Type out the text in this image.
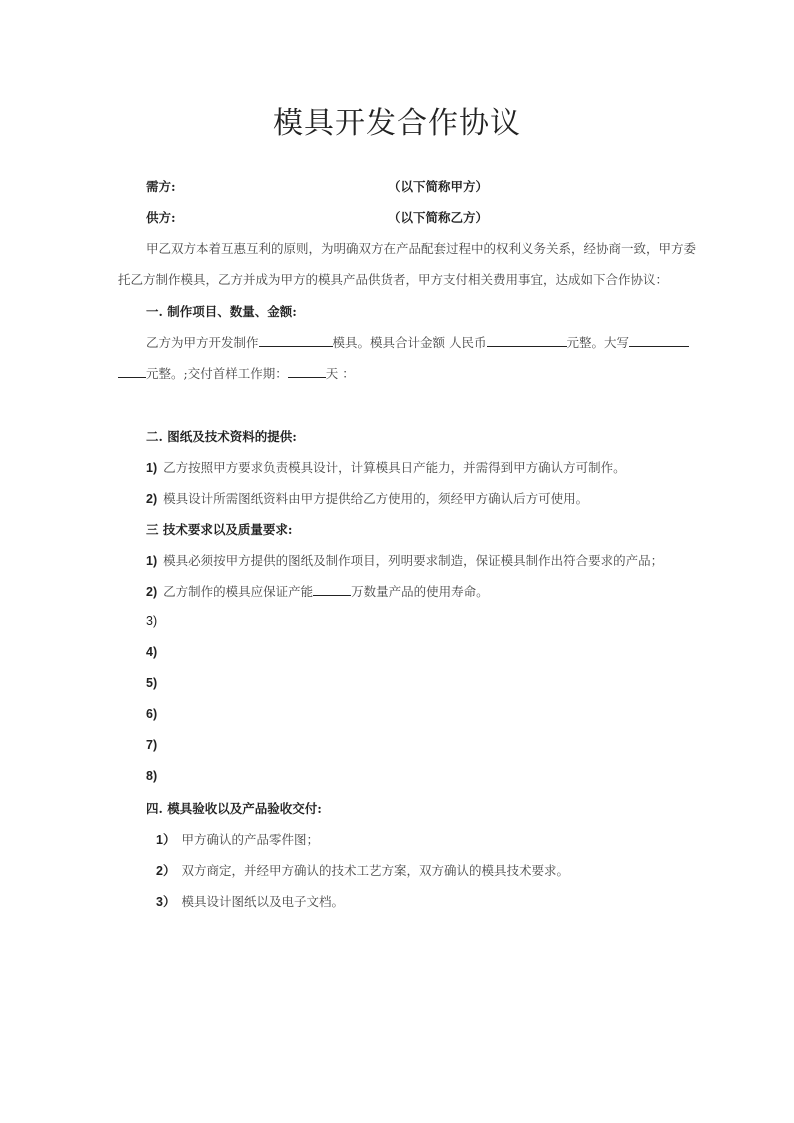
模具开发合作协议
需方:	（以下简称甲方）
供方:	（以下简称乙方）
甲乙双方本着互惠互利的原则，为明确双方在产品配套过程中的权利义务关系，经协商一致，甲方委
托乙方制作模具，乙方并成为甲方的模具产品供货者，甲方支付相关费用事宜，达成如下合作协议：
一. 制作项目、数量、金额:
乙方为甲方开发制作	模具。模具合计金额 人民币	元整。大写
元整。;交付首样工作期：	天 ：
二. 图纸及技术资料的提供:
1) 乙方按照甲方要求负责模具设计，计算模具日产能力，并需得到甲方确认方可制作。
2) 模具设计所需图纸资料由甲方提供给乙方使用的，须经甲方确认后方可使用。
三 技术要求以及质量要求:
1) 模具必须按甲方提供的图纸及制作项目，列明要求制造，保证模具制作出符合要求的产品；
2) 乙方制作的模具应保证产能	万数量产品的使用寿命。
3)
4)
5)
6)
7)
8)
四. 模具验收以及产品验收交付:
1） 甲方确认的产品零件图；
2） 双方商定，并经甲方确认的技术工艺方案，双方确认的模具技术要求。
3） 模具设计图纸以及电子文档。
